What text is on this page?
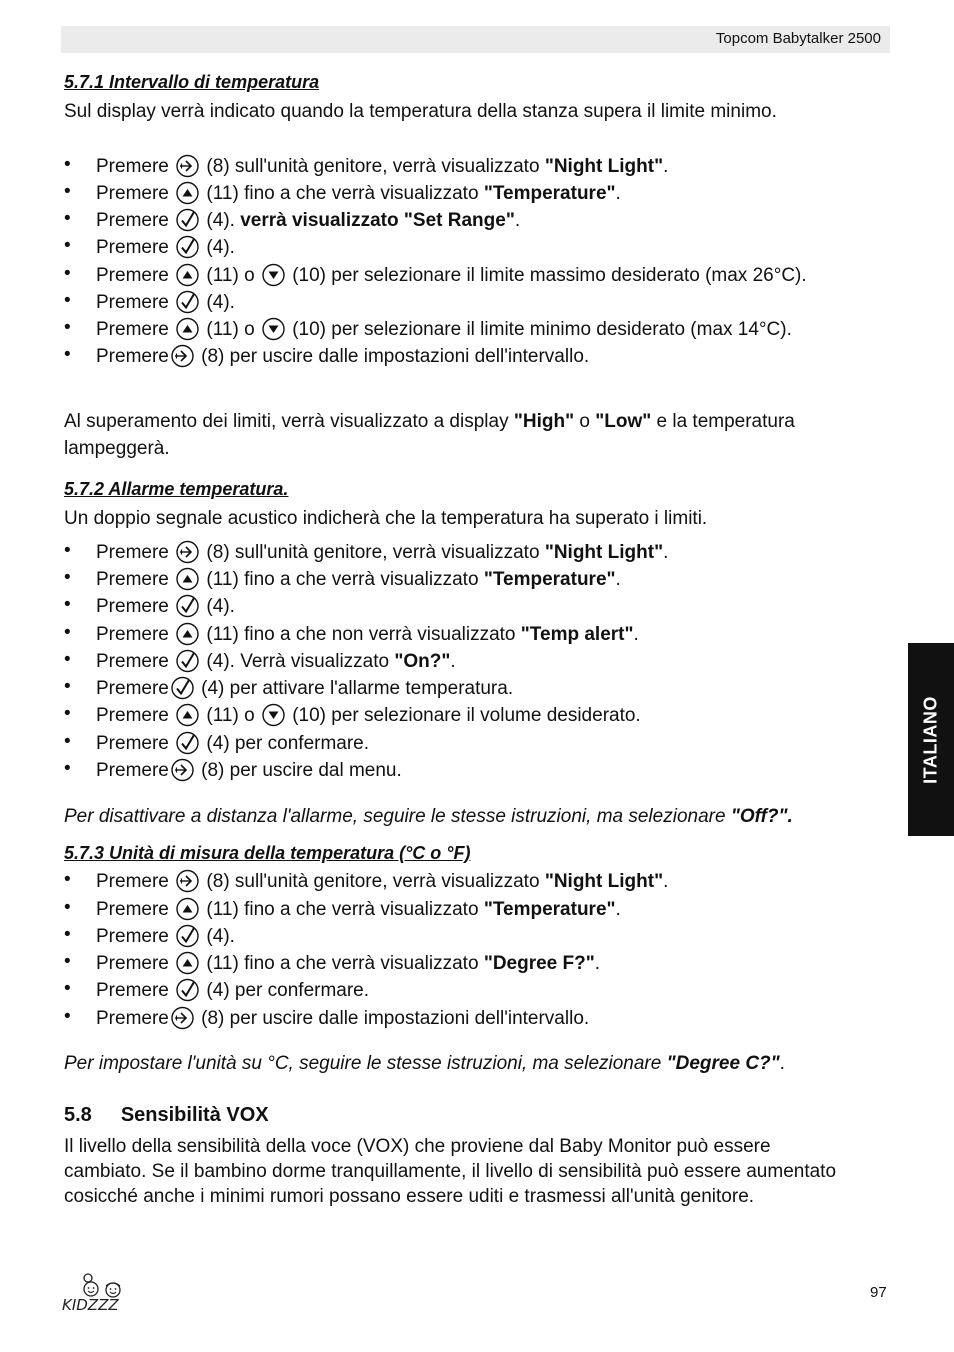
Topcom Babytalker 2500
ITALIANO
5.7.1 Intervallo di temperatura
Sul display verrà indicato quando la temperatura della stanza supera il limite minimo.
• Premere
(8) sull'unità genitore, verrà visualizzato "Night Light".
• Premere
(11) fino a che verrà visualizzato "Temperature".
• Premere
(4). verrà visualizzato "Set Range".
• Premere
(4).
• Premere
(11) o
(10) per selezionare il limite massimo desiderato (max 26°C).
• Premere
(4).
• Premere
(11) o
(10) per selezionare il limite minimo desiderato (max 14°C).
• Premere
(8) per uscire dalle impostazioni dell'intervallo.
Al superamento dei limiti, verrà visualizzato a display "High" o "Low" e la temperatura
lampeggerà.
5.7.2 Allarme temperatura.
Un doppio segnale acustico indicherà che la temperatura ha superato i limiti.
• Premere
(8) sull'unità genitore, verrà visualizzato "Night Light".
• Premere
(11) fino a che verrà visualizzato "Temperature".
• Premere
(4).
• Premere
(11) fino a che non verrà visualizzato "Temp alert".
• Premere
(4). Verrà visualizzato "On?".
• Premere
(4) per attivare l'allarme temperatura.
• Premere
(11) o
(10) per selezionare il volume desiderato.
• Premere
(4) per confermare.
• Premere
(8) per uscire dal menu.
Per disattivare a distanza l'allarme, seguire le stesse istruzioni, ma selezionare "Off?".
5.7.3 Unità di misura della temperatura (°C o °F)
• Premere
(8) sull'unità genitore, verrà visualizzato "Night Light".
• Premere
(11) fino a che verrà visualizzato "Temperature".
• Premere
(4).
• Premere
(11) fino a che verrà visualizzato "Degree F?".
• Premere
(4) per confermare.
• Premere
(8) per uscire dalle impostazioni dell'intervallo.
Per impostare l'unità su °C, seguire le stesse istruzioni, ma selezionare "Degree C?".
5.8 Sensibilità VOX
Il livello della sensibilità della voce (VOX) che proviene dal Baby Monitor può essere
cambiato. Se il bambino dorme tranquillamente, il livello di sensibilità può essere aumentato
cosicché anche i minimi rumori possano essere uditi e trasmessi all'unità genitore.
KIDZZZ
97
